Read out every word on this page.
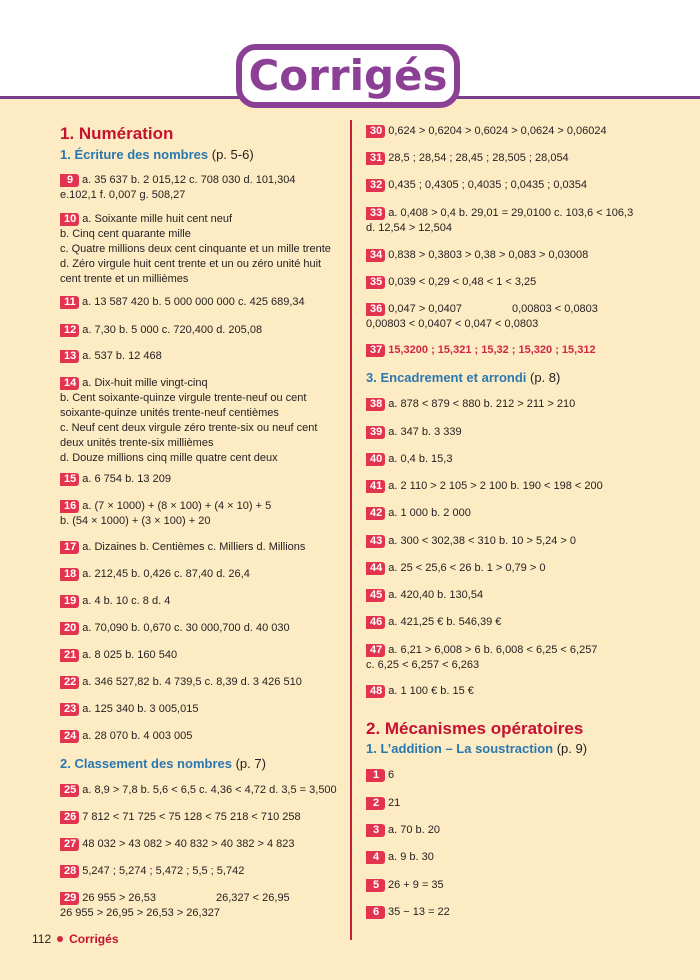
Corrigés
1. Numération
1. Écriture des nombres (p. 5-6)
9 a. 35 637 b. 2 015,12 c. 708 030 d. 101,304
e.102,1 f. 0,007 g. 508,27
10 a. Soixante mille huit cent neuf
b. Cinq cent quarante mille
c. Quatre millions deux cent cinquante et un mille trente
d. Zéro virgule huit cent trente et un ou zéro unité huit
cent trente et un millièmes
11 a. 13 587 420 b. 5 000 000 000 c. 425 689,34
12 a. 7,30 b. 5 000 c. 720,400 d. 205,08
13 a. 537 b. 12 468
14 a. Dix-huit mille vingt-cinq
b. Cent soixante-quinze virgule trente-neuf ou cent
soixante-quinze unités trente-neuf centièmes
c. Neuf cent deux virgule zéro trente-six ou neuf cent
deux unités trente-six millièmes
d. Douze millions cinq mille quatre cent deux
15 a. 6 754 b. 13 209
16 a. (7 × 1000) + (8 × 100) + (4 × 10) + 5
b. (54 × 1000) + (3 × 100) + 20
17 a. Dizaines b. Centièmes c. Milliers d. Millions
18 a. 212,45 b. 0,426 c. 87,40 d. 26,4
19 a. 4 b. 10 c. 8 d. 4
20 a. 70,090 b. 0,670 c. 30 000,700 d. 40 030
21 a. 8 025 b. 160 540
22 a. 346 527,82 b. 4 739,5 c. 8,39 d. 3 426 510
23 a. 125 340 b. 3 005,015
24 a. 28 070 b. 4 003 005
2. Classement des nombres (p. 7)
25 a. 8,9 > 7,8 b. 5,6 < 6,5 c. 4,36 < 4,72 d. 3,5 = 3,500
26 7 812 < 71 725 < 75 128 < 75 218 < 710 258
27 48 032 > 43 082 > 40 832 > 40 382 > 4 823
28 5,247 ; 5,274 ; 5,472 ; 5,5 ; 5,742
29 26 955 > 26,53	26,327 < 26,95
26 955 > 26,95 > 26,53 > 26,327
30 0,624 > 0,6204 > 0,6024 > 0,0624 > 0,06024
31 28,5 ; 28,54 ; 28,45 ; 28,505 ; 28,054
32 0,435 ; 0,4305 ; 0,4035 ; 0,0435 ; 0,0354
33 a. 0,408 > 0,4 b. 29,01 = 29,0100 c. 103,6 < 106,3
d. 12,54 > 12,504
34 0,838 > 0,3803 > 0,38 > 0,083 > 0,03008
35 0,039 < 0,29 < 0,48 < 1 < 3,25
36 0,047 > 0,0407	0,00803 < 0,0803
0,00803 < 0,0407 < 0,047 < 0,0803
37 15,3200 ; 15,321 ; 15,32 ; 15,320 ; 15,312
3. Encadrement et arrondi (p. 8)
38 a. 878 < 879 < 880 b. 212 > 211 > 210
39 a. 347 b. 3 339
40 a. 0,4 b. 15,3
41 a. 2 110 > 2 105 > 2 100 b. 190 < 198 < 200
42 a. 1 000 b. 2 000
43 a. 300 < 302,38 < 310 b. 10 > 5,24 > 0
44 a. 25 < 25,6 < 26 b. 1 > 0,79 > 0
45 a. 420,40 b. 130,54
46 a. 421,25 € b. 546,39 €
47 a. 6,21 > 6,008 > 6 b. 6,008 < 6,25 < 6,257
c. 6,25 < 6,257 < 6,263
48 a. 1 100 € b. 15 €
2. Mécanismes opératoires
1. L’addition – La soustraction (p. 9)
1 6
2 21
3 a. 70 b. 20
4 a. 9 b. 30
5 26 + 9 = 35
6 35 − 13 = 22
112 Corrigés
